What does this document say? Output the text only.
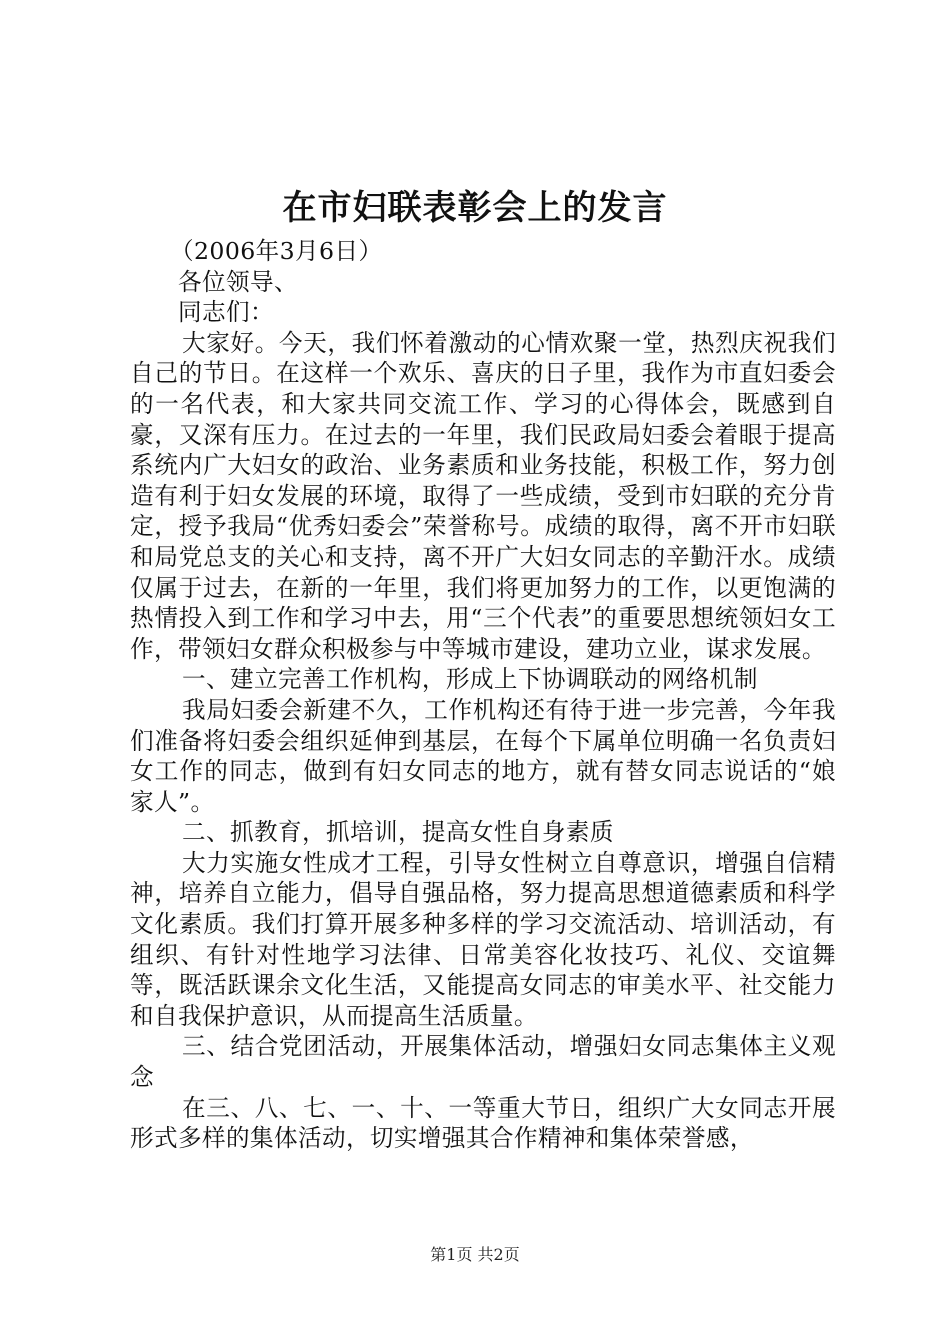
在市妇联表彰会上的发言

（2006年3月6日）

各位领导、

同志们：

大家好。今天，我们怀着激动的心情欢聚一堂，热烈庆祝我们自己的节日。在这样一个欢乐、喜庆的日子里，我作为市直妇委会的一名代表，和大家共同交流工作、学习的心得体会，既感到自豪，又深有压力。在过去的一年里，我们民政局妇委会着眼于提高系统内广大妇女的政治、业务素质和业务技能，积极工作，努力创造有利于妇女发展的环境，取得了一些成绩，受到市妇联的充分肯定，授予我局“优秀妇委会”荣誉称号。成绩的取得，离不开市妇联和局党总支的关心和支持，离不开广大妇女同志的辛勤汗水。成绩仅属于过去，在新的一年里，我们将更加努力的工作，以更饱满的热情投入到工作和学习中去，用“三个代表”的重要思想统领妇女工作，带领妇女群众积极参与中等城市建设，建功立业，谋求发展。

一、建立完善工作机构，形成上下协调联动的网络机制

我局妇委会新建不久，工作机构还有待于进一步完善，今年我们准备将妇委会组织延伸到基层，在每个下属单位明确一名负责妇女工作的同志，做到有妇女同志的地方，就有替女同志说话的“娘家人”。

二、抓教育，抓培训，提高女性自身素质

大力实施女性成才工程，引导女性树立自尊意识，增强自信精神，培养自立能力，倡导自强品格，努力提高思想道德素质和科学文化素质。我们打算开展多种多样的学习交流活动、培训活动，有组织、有针对性地学习法律、日常美容化妆技巧、礼仪、交谊舞等，既活跃课余文化生活，又能提高女同志的审美水平、社交能力和自我保护意识，从而提高生活质量。

三、结合党团活动，开展集体活动，增强妇女同志集体主义观念

在三、八、七、一、十、一等重大节日，组织广大女同志开展形式多样的集体活动，切实增强其合作精神和集体荣誉感，

第1页 共2页
